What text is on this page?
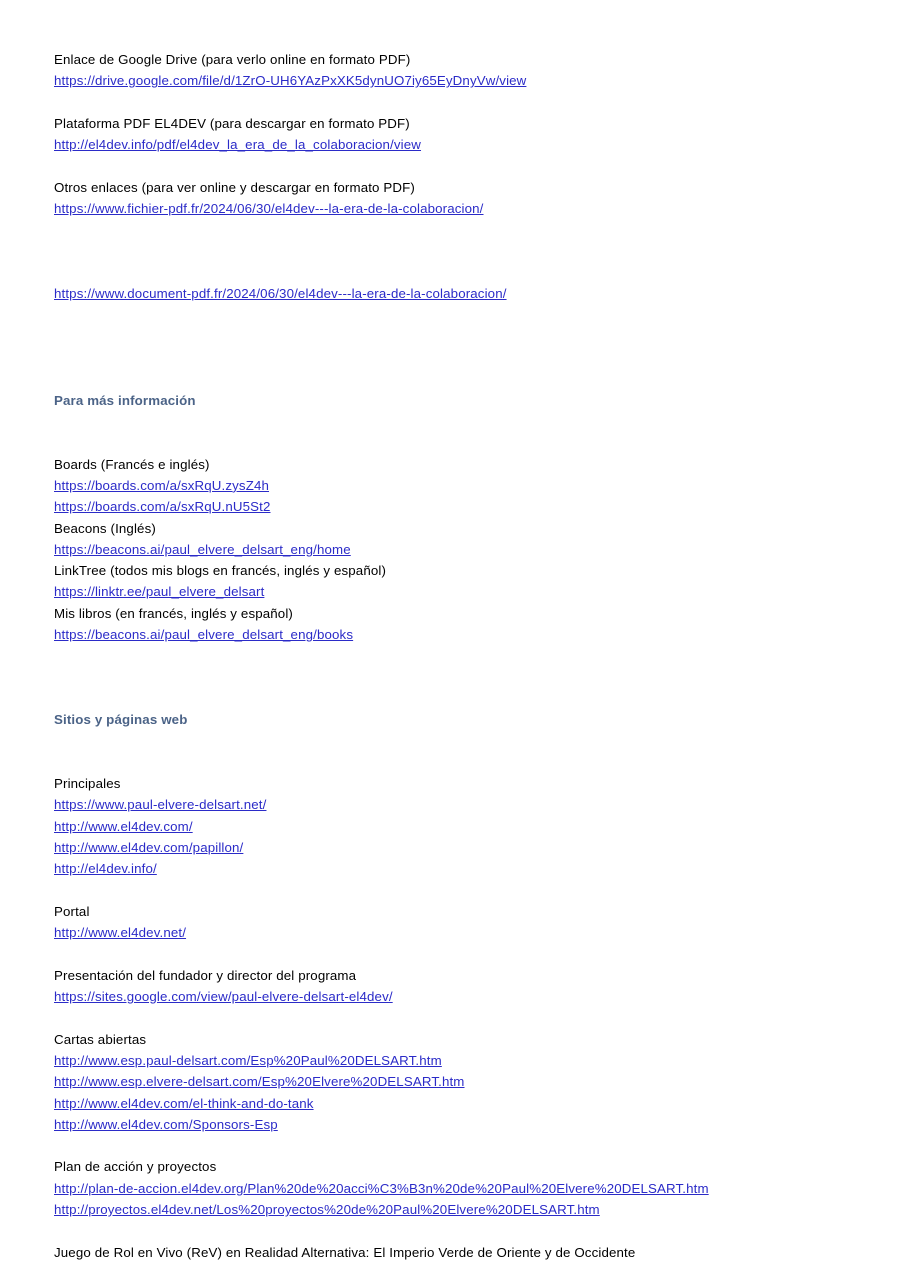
Enlace de Google Drive (para verlo online en formato PDF)
https://drive.google.com/file/d/1ZrO-UH6YAzPxXK5dynUO7iy65EyDnyVw/view
Plataforma PDF EL4DEV (para descargar en formato PDF)
http://el4dev.info/pdf/el4dev_la_era_de_la_colaboracion/view
Otros enlaces (para ver online y descargar en formato PDF)
https://www.fichier-pdf.fr/2024/06/30/el4dev---la-era-de-la-colaboracion/
https://www.document-pdf.fr/2024/06/30/el4dev---la-era-de-la-colaboracion/
Para más información
Boards (Francés e inglés)
https://boards.com/a/sxRqU.zysZ4h
https://boards.com/a/sxRqU.nU5St2
Beacons (Inglés)
https://beacons.ai/paul_elvere_delsart_eng/home
LinkTree (todos mis blogs en francés, inglés y español)
https://linktr.ee/paul_elvere_delsart
Mis libros (en francés, inglés y español)
https://beacons.ai/paul_elvere_delsart_eng/books
Sitios y páginas web
Principales
https://www.paul-elvere-delsart.net/
http://www.el4dev.com/
http://www.el4dev.com/papillon/
http://el4dev.info/
Portal
http://www.el4dev.net/
Presentación del fundador y director del programa
https://sites.google.com/view/paul-elvere-delsart-el4dev/
Cartas abiertas
http://www.esp.paul-delsart.com/Esp%20Paul%20DELSART.htm
http://www.esp.elvere-delsart.com/Esp%20Elvere%20DELSART.htm
http://www.el4dev.com/el-think-and-do-tank
http://www.el4dev.com/Sponsors-Esp
Plan de acción y proyectos
http://plan-de-accion.el4dev.org/Plan%20de%20acci%C3%B3n%20de%20Paul%20Elvere%20DELSART.htm
http://proyectos.el4dev.net/Los%20proyectos%20de%20Paul%20Elvere%20DELSART.htm
Juego de Rol en Vivo (ReV) en Realidad Alternativa: El Imperio Verde de Oriente y de Occidente
